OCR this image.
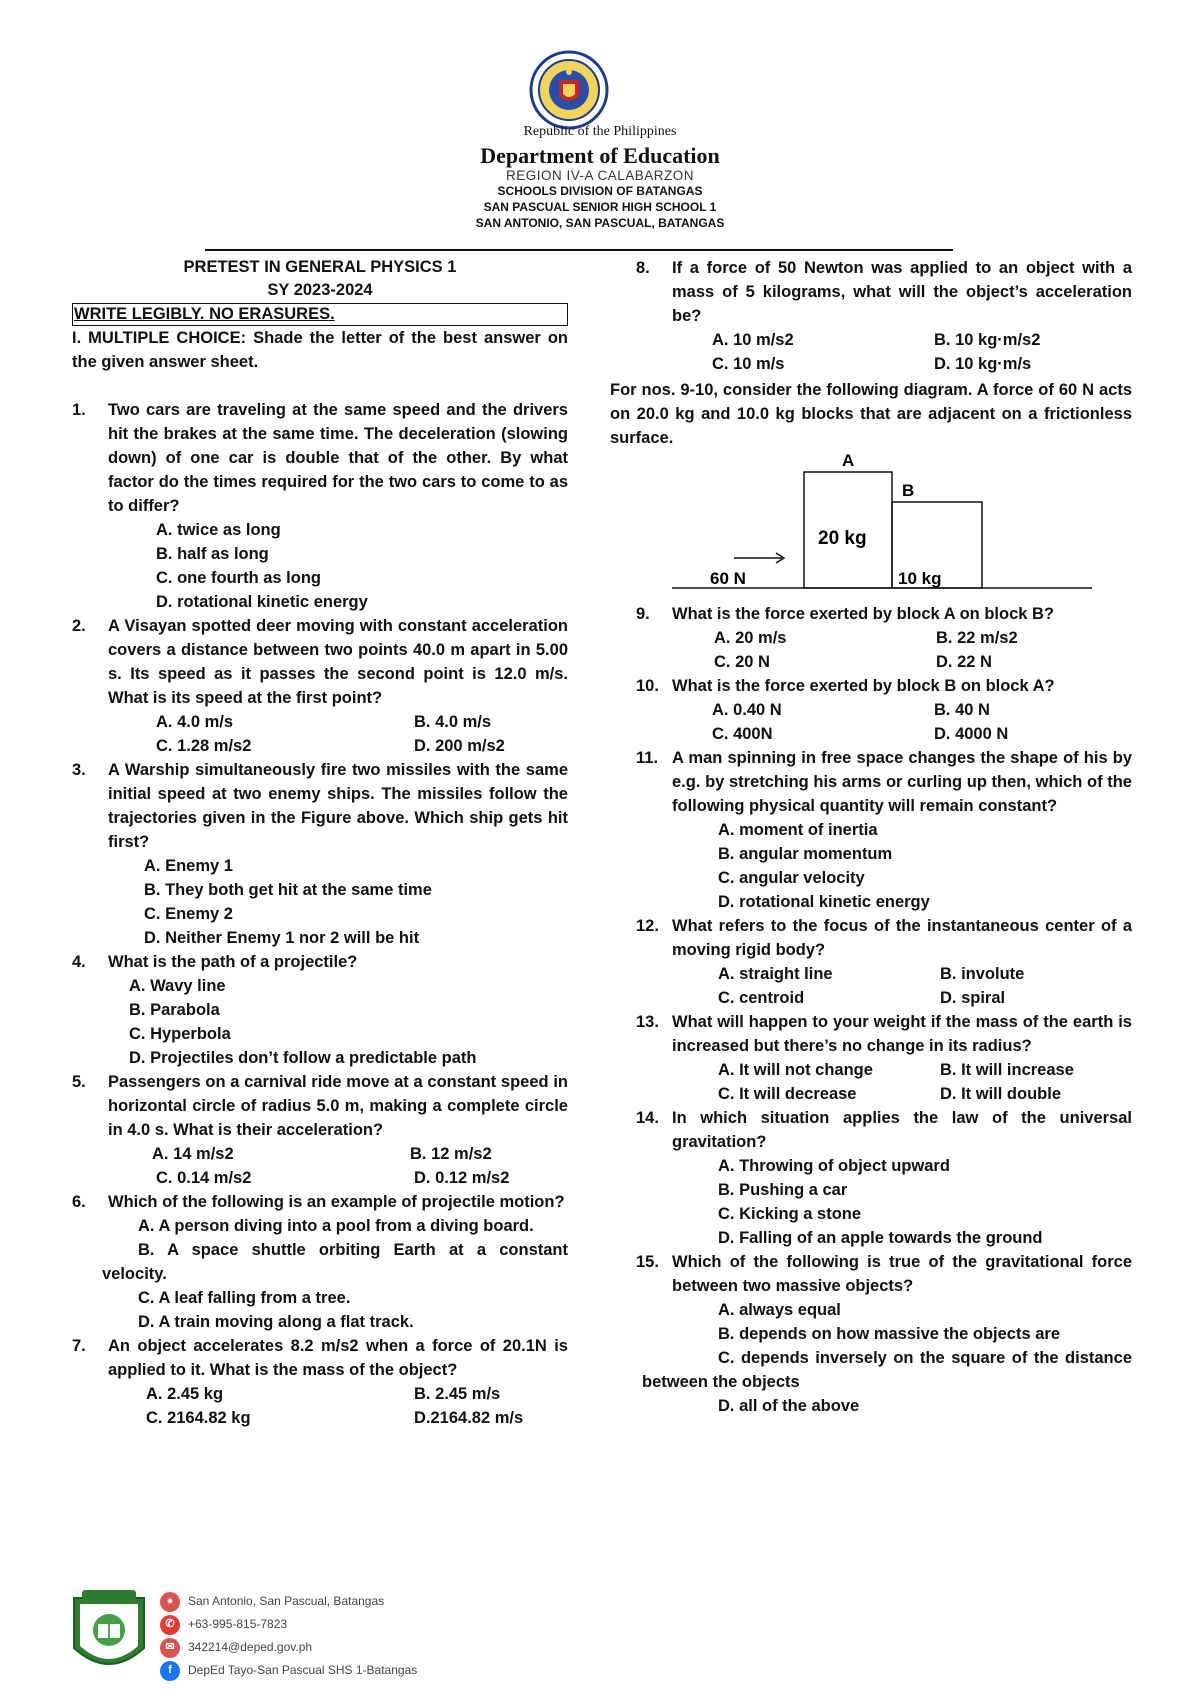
Republic of the Philippines
Department of Education
REGION IV-A CALABARZON
SCHOOLS DIVISION OF BATANGAS
SAN PASCUAL SENIOR HIGH SCHOOL 1
SAN ANTONIO, SAN PASCUAL, BATANGAS
PRETEST IN GENERAL PHYSICS 1
SY 2023-2024
WRITE LEGIBLY. NO ERASURES.
I. MULTIPLE CHOICE: Shade the letter of the best answer on the given answer sheet.
1.	Two cars are traveling at the same speed and the drivers hit the brakes at the same time. The deceleration (slowing down) of one car is double that of the other. By what factor do the times required for the two cars to come to as to differ?
A. twice as long
B. half as long
C. one fourth as long
D. rotational kinetic energy
2.	A Visayan spotted deer moving with constant acceleration covers a distance between two points 40.0 m apart in 5.00 s. Its speed as it passes the second point is 12.0 m/s. What is its speed at the first point?
A. 4.0 m/s	B. 4.0 m/s
C. 1.28 m/s2	D. 200 m/s2
3.	A Warship simultaneously fire two missiles with the same initial speed at two enemy ships. The missiles follow the trajectories given in the Figure above. Which ship gets hit first?
A. Enemy 1
B. They both get hit at the same time
C. Enemy 2
D. Neither Enemy 1 nor 2 will be hit
4.	What is the path of a projectile?
A. Wavy line
B. Parabola
C. Hyperbola
D. Projectiles don’t follow a predictable path
5.	Passengers on a carnival ride move at a constant speed in horizontal circle of radius 5.0 m, making a complete circle in 4.0 s. What is their acceleration?
A. 14 m/s2	B. 12 m/s2
C. 0.14 m/s2	D. 0.12 m/s2
6.	Which of the following is an example of projectile motion?
A. A person diving into a pool from a diving board.
B. A space shuttle orbiting Earth at a constant velocity.
C. A leaf falling from a tree.
D. A train moving along a flat track.
7.	An object accelerates 8.2 m/s2 when a force of 20.1N is applied to it. What is the mass of the object?
A. 2.45 kg	B. 2.45 m/s
C. 2164.82 kg	D.2164.82 m/s
8.	If a force of 50 Newton was applied to an object with a mass of 5 kilograms, what will the object’s acceleration be?
A. 10 m/s2	B. 10 kg·m/s2
C. 10 m/s	D. 10 kg·m/s
For nos. 9-10, consider the following diagram. A force of 60 N acts on 20.0 kg and 10.0 kg blocks that are adjacent on a frictionless surface.
A
B
20 kg
10 kg
60 N
9.	What is the force exerted by block A on block B?
A. 20 m/s	B. 22 m/s2
C. 20 N	D. 22 N
10. What is the force exerted by block B on block A?
A. 0.40 N	B. 40 N
C. 400N	D. 4000 N
11. A man spinning in free space changes the shape of his by e.g. by stretching his arms or curling up then, which of the following physical quantity will remain constant?
A. moment of inertia
B. angular momentum
C. angular velocity
D. rotational kinetic energy
12. What refers to the focus of the instantaneous center of a moving rigid body?
A. straight line	B. involute
C. centroid	D. spiral
13. What will happen to your weight if the mass of the earth is increased but there’s no change in its radius?
A. It will not change	B. It will increase
C. It will decrease	D. It will double
14. In which situation applies the law of the universal gravitation?
A. Throwing of object upward
B. Pushing a car
C. Kicking a stone
D. Falling of an apple towards the ground
15. Which of the following is true of the gravitational force between two massive objects?
A. always equal
B. depends on how massive the objects are
C. depends inversely on the square of the distance between the objects
D. all of the above
●	San Antonio, San Pascual, Batangas
✆	+63-995-815-7823
✉	342214@deped.gov.ph
f	DepEd Tayo-San Pascual SHS 1-Batangas
